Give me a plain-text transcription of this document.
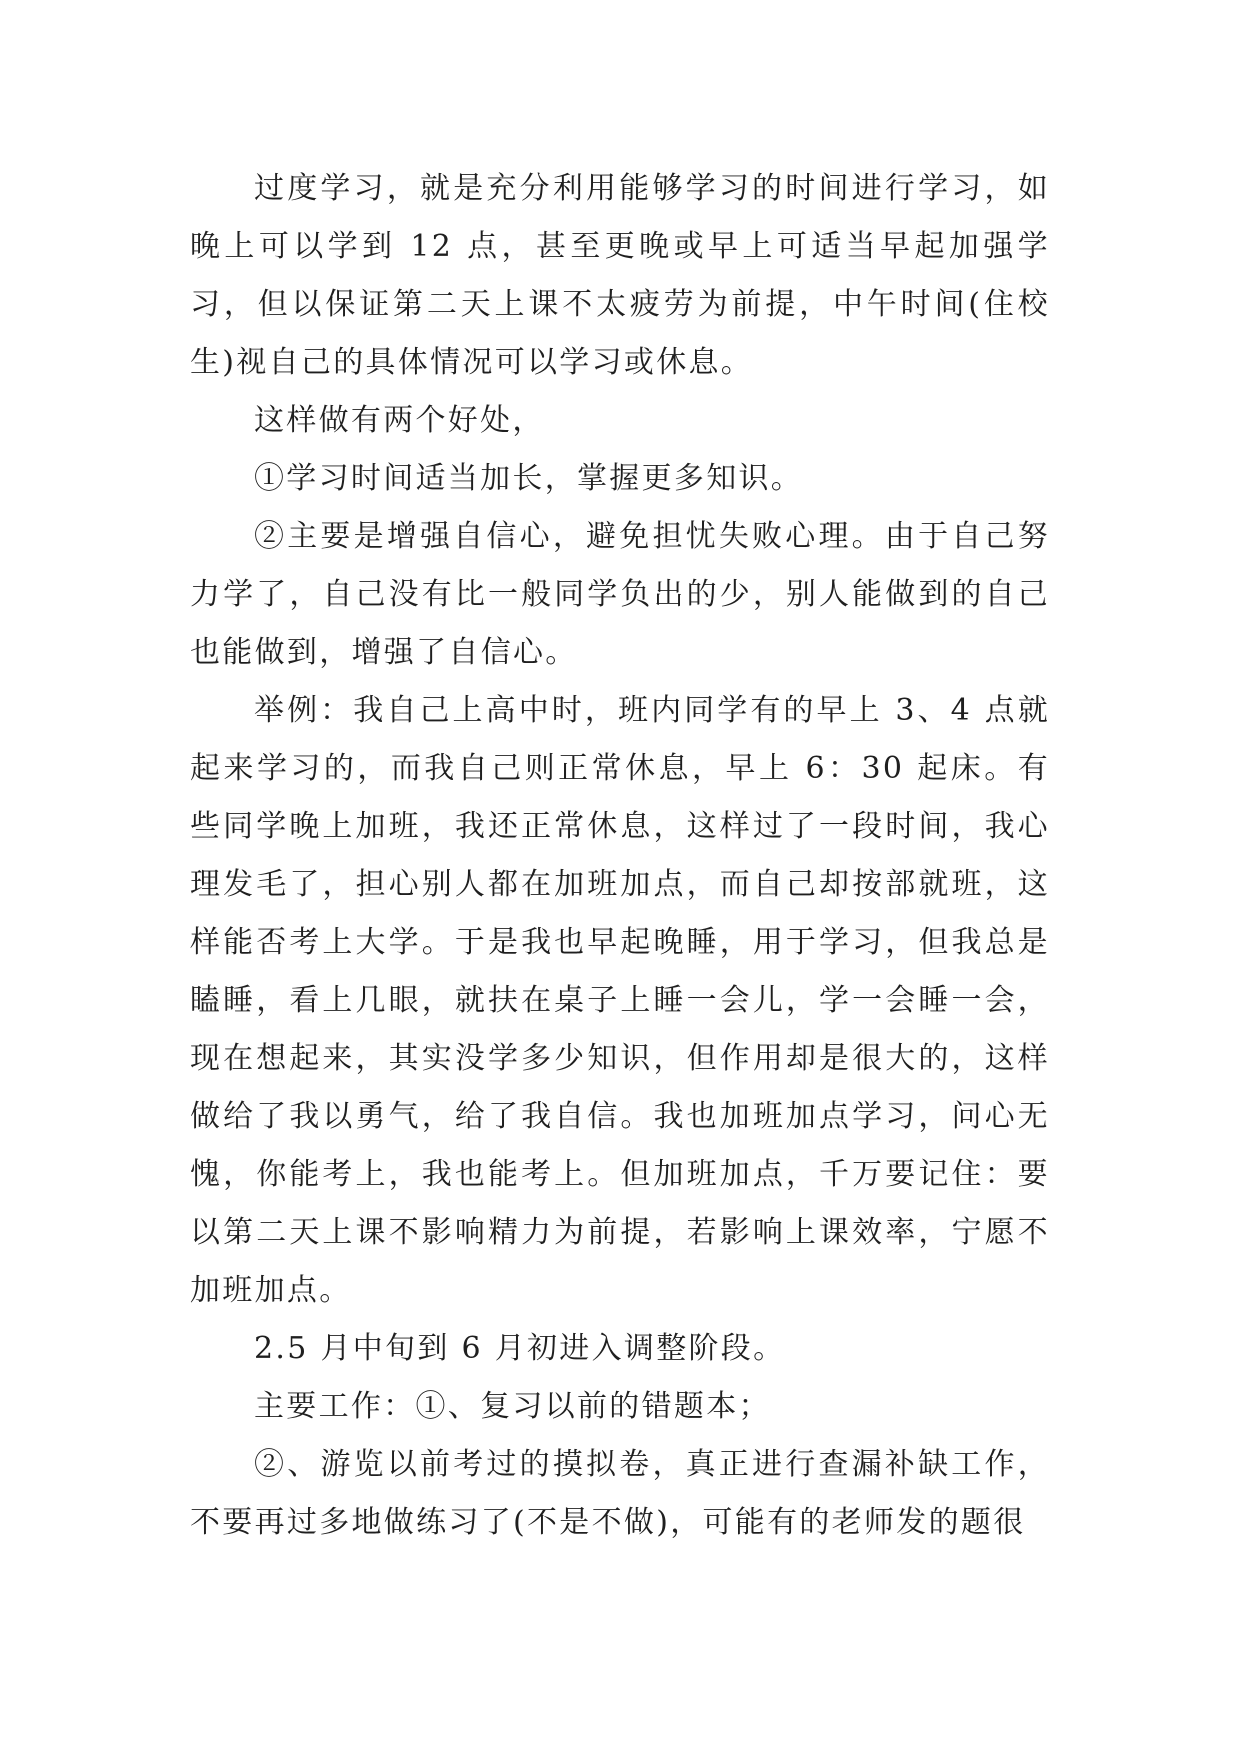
过度学习，就是充分利用能够学习的时间进行学习，如晚上可以学到 12 点，甚至更晚或早上可适当早起加强学习，但以保证第二天上课不太疲劳为前提，中午时间(住校生)视自己的具体情况可以学习或休息。

这样做有两个好处，

①学习时间适当加长，掌握更多知识。

②主要是增强自信心，避免担忧失败心理。由于自己努力学了，自己没有比一般同学负出的少，别人能做到的自己也能做到，增强了自信心。

举例：我自己上高中时，班内同学有的早上 3、4 点就起来学习的，而我自己则正常休息，早上 6：30 起床。有些同学晚上加班，我还正常休息，这样过了一段时间，我心理发毛了，担心别人都在加班加点，而自己却按部就班，这样能否考上大学。于是我也早起晚睡，用于学习，但我总是瞌睡，看上几眼，就扶在桌子上睡一会儿，学一会睡一会，现在想起来，其实没学多少知识，但作用却是很大的，这样做给了我以勇气，给了我自信。我也加班加点学习，问心无愧，你能考上，我也能考上。但加班加点，千万要记住：要以第二天上课不影响精力为前提，若影响上课效率，宁愿不加班加点。

2.5 月中旬到 6 月初进入调整阶段。

主要工作：①、复习以前的错题本；

②、游览以前考过的摸拟卷，真正进行查漏补缺工作，不要再过多地做练习了(不是不做)，可能有的老师发的题很
